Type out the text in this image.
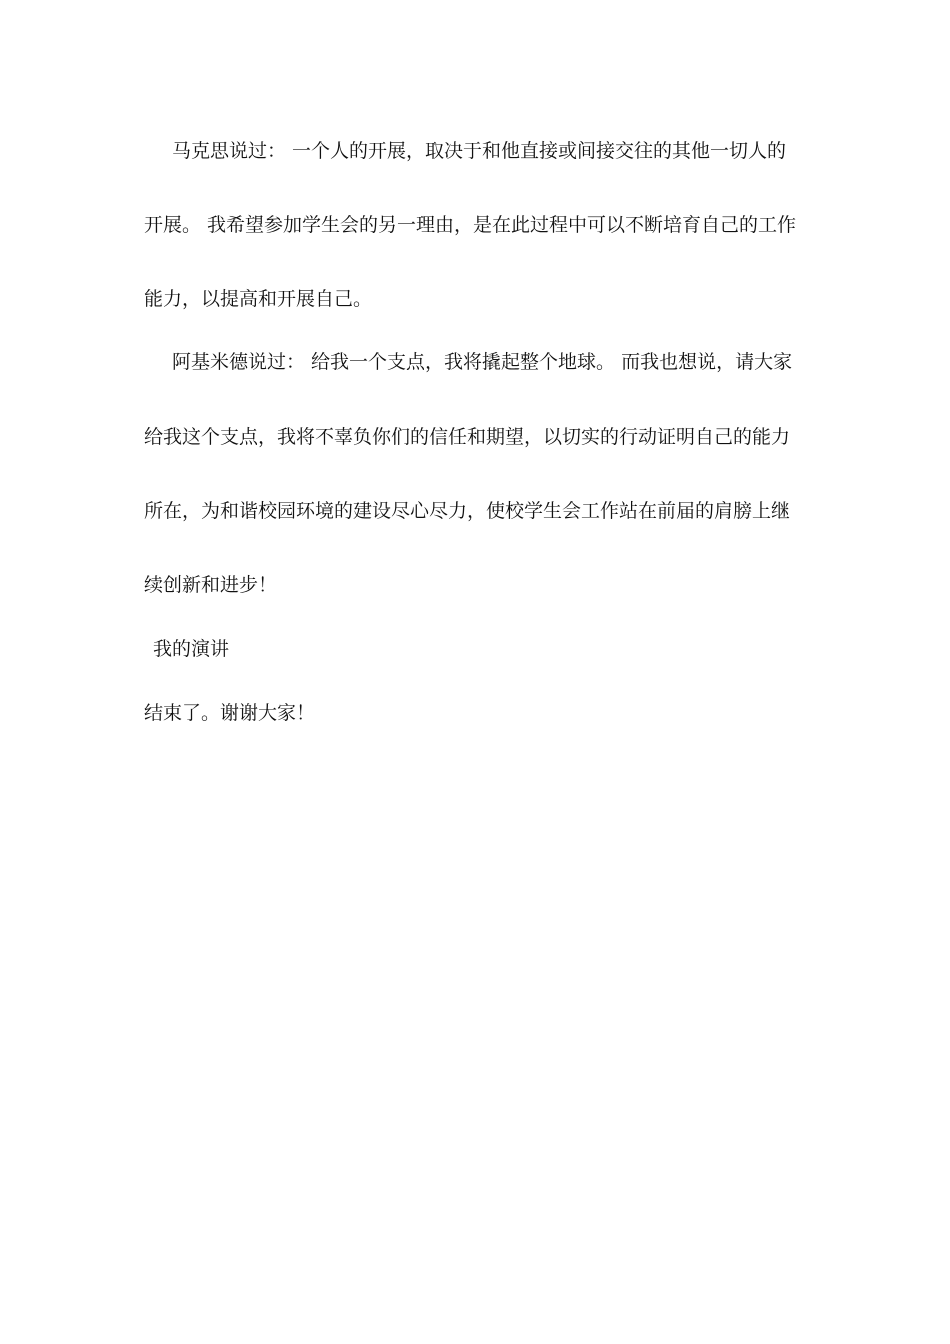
马克思说过： 一个人的开展，取决于和他直接或间接交往的其他一切人的
开展。 我希望参加学生会的另一理由，是在此过程中可以不断培育自己的工作
能力，以提高和开展自己。
阿基米德说过： 给我一个支点，我将撬起整个地球。 而我也想说，请大家
给我这个支点，我将不辜负你们的信任和期望，以切实的行动证明自己的能力
所在，为和谐校园环境的建设尽心尽力，使校学生会工作站在前届的肩膀上继
续创新和进步！
我的演讲
结束了。谢谢大家！
